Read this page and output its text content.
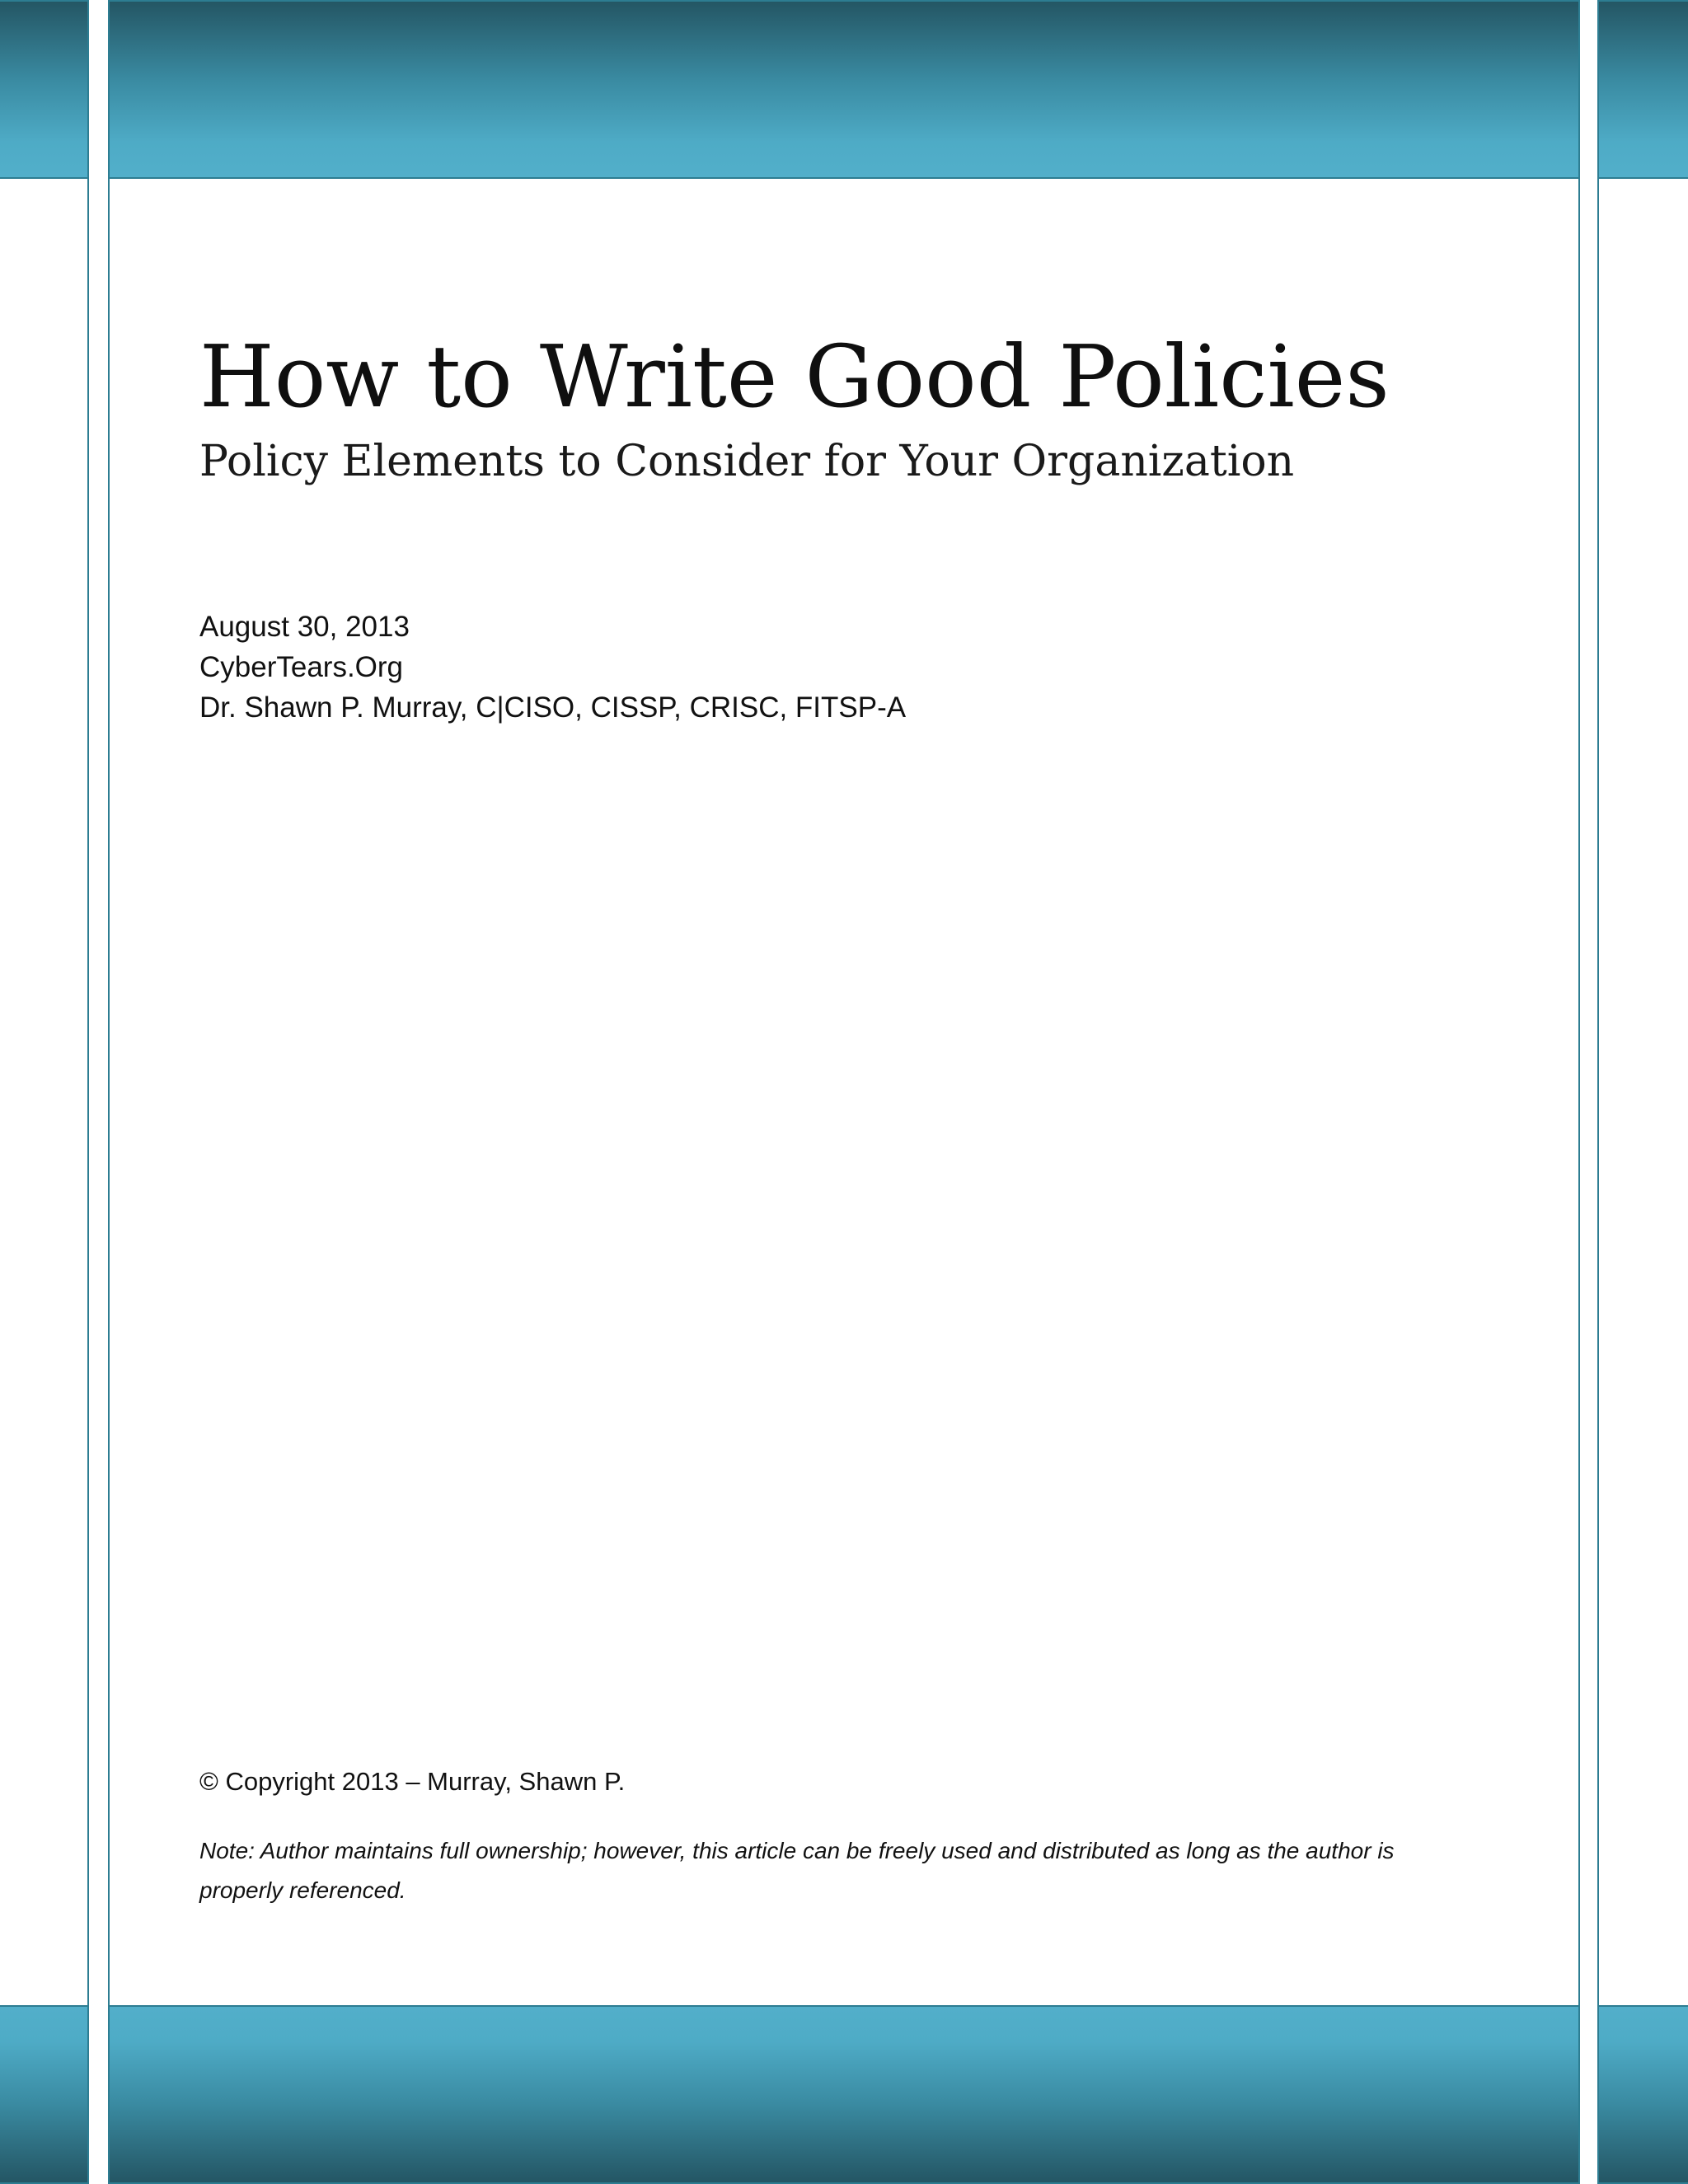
How to Write Good Policies
Policy Elements to Consider for Your Organization
August 30, 2013
CyberTears.Org
Dr. Shawn P. Murray, C|CISO, CISSP, CRISC, FITSP-A
© Copyright 2013 – Murray, Shawn P.

Note: Author maintains full ownership; however, this article can be freely used and distributed as long as the author is properly referenced.
